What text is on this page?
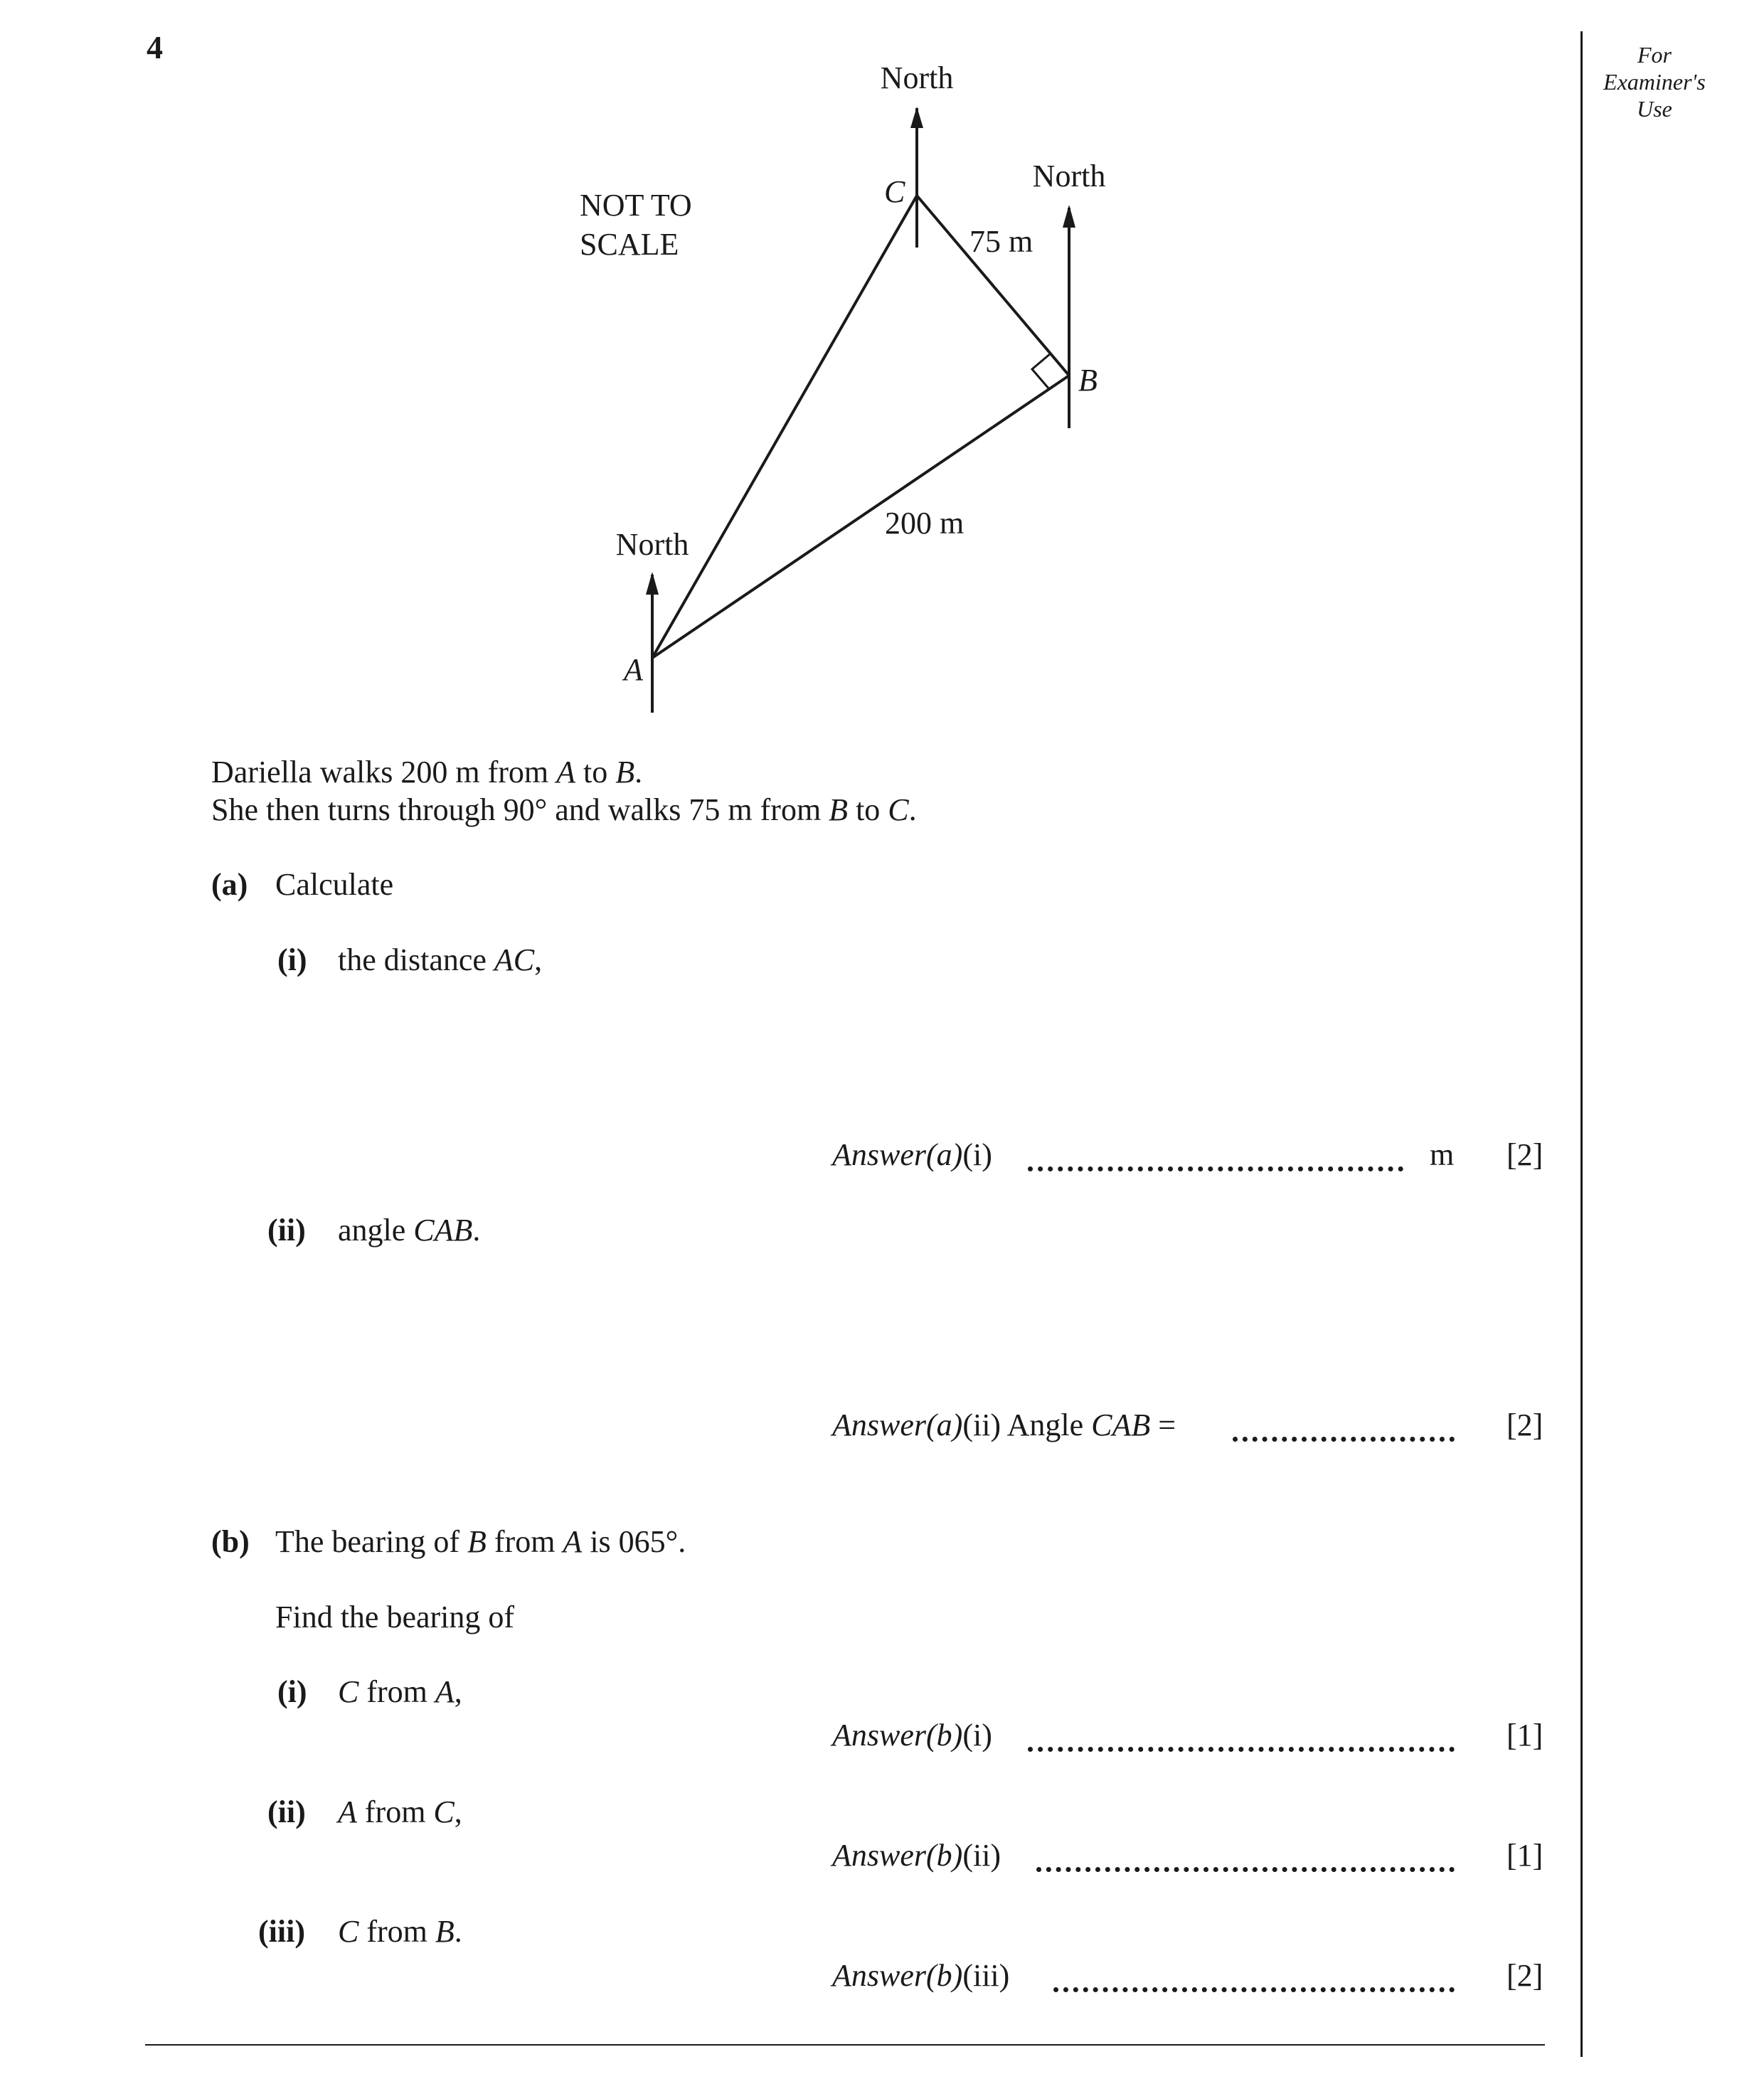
4	For Examiner's Use
North
North
North
NOT TO
SCALE
C
B
A
75 m
200 m
Dariella walks 200 m from A to B.
She then turns through 90° and walks 75 m from B to C.
(a) Calculate
(i) the distance AC,
Answer(a)(i)	m [2]
(ii) angle CAB.
Answer(a)(ii) Angle CAB =	[2]
(b) The bearing of B from A is 065°.
Find the bearing of
(i) C from A,
Answer(b)(i)	[1]
(ii) A from C,
Answer(b)(ii)	[1]
(iii) C from B.
Answer(b)(iii)	[2]
